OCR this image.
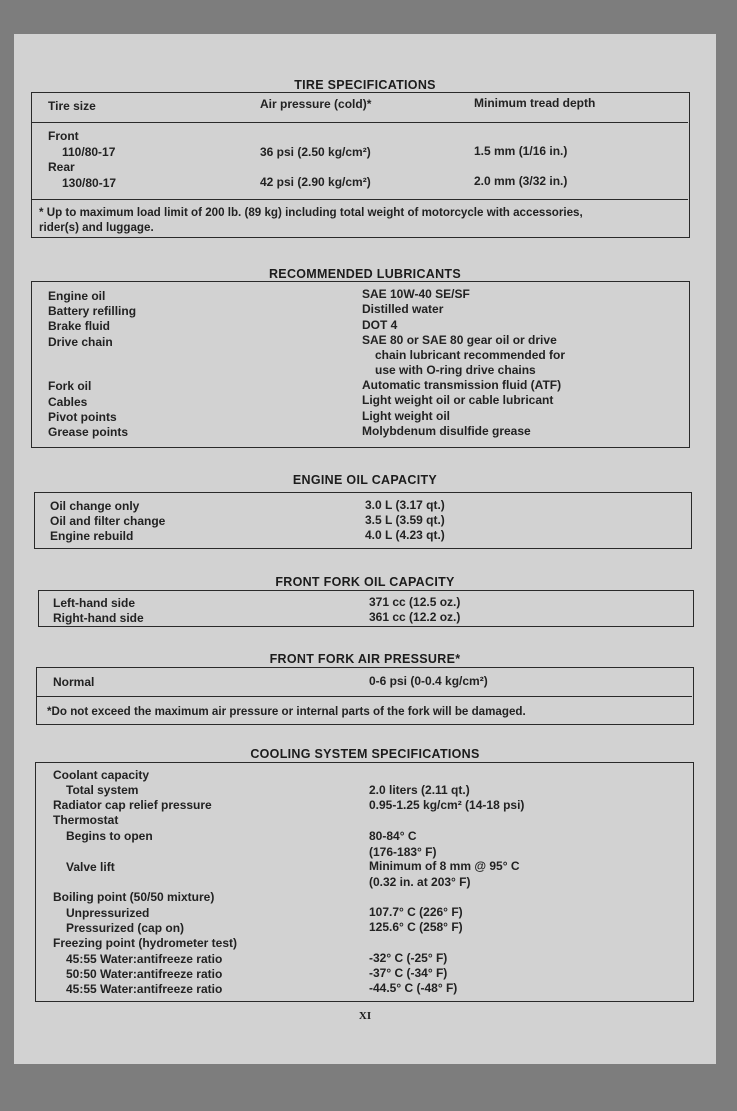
TIRE SPECIFICATIONS
Tire size	Air pressure (cold)*	Minimum tread depth
Front
110/80-17	36 psi (2.50 kg/cm²)	1.5 mm (1/16 in.)
Rear
130/80-17	42 psi (2.90 kg/cm²)	2.0 mm (3/32 in.)
* Up to maximum load limit of 200 lb. (89 kg) including total weight of motorcycle with accessories,
rider(s) and luggage.
RECOMMENDED LUBRICANTS
Engine oil	SAE 10W-40 SE/SF
Battery refilling	Distilled water
Brake fluid	DOT 4
Drive chain	SAE 80 or SAE 80 gear oil or drive
chain lubricant recommended for
use with O-ring drive chains
Fork oil	Automatic transmission fluid (ATF)
Cables	Light weight oil or cable lubricant
Pivot points	Light weight oil
Grease points	Molybdenum disulfide grease
ENGINE OIL CAPACITY
Oil change only	3.0 L (3.17 qt.)
Oil and filter change	3.5 L (3.59 qt.)
Engine rebuild	4.0 L (4.23 qt.)
FRONT FORK OIL CAPACITY
Left-hand side	371 cc (12.5 oz.)
Right-hand side	361 cc (12.2 oz.)
FRONT FORK AIR PRESSURE*
Normal	0-6 psi (0-0.4 kg/cm²)
*Do not exceed the maximum air pressure or internal parts of the fork will be damaged.
COOLING SYSTEM SPECIFICATIONS
Coolant capacity
Total system	2.0 liters (2.11 qt.)
Radiator cap relief pressure	0.95-1.25 kg/cm² (14-18 psi)
Thermostat
Begins to open	80-84° C
(176-183° F)
Valve lift	Minimum of 8 mm @ 95° C
(0.32 in. at 203° F)
Boiling point (50/50 mixture)
Unpressurized	107.7° C (226° F)
Pressurized (cap on)	125.6° C (258° F)
Freezing point (hydrometer test)
45:55 Water:antifreeze ratio	-32° C (-25° F)
50:50 Water:antifreeze ratio	-37° C (-34° F)
45:55 Water:antifreeze ratio	-44.5° C (-48° F)
XI
